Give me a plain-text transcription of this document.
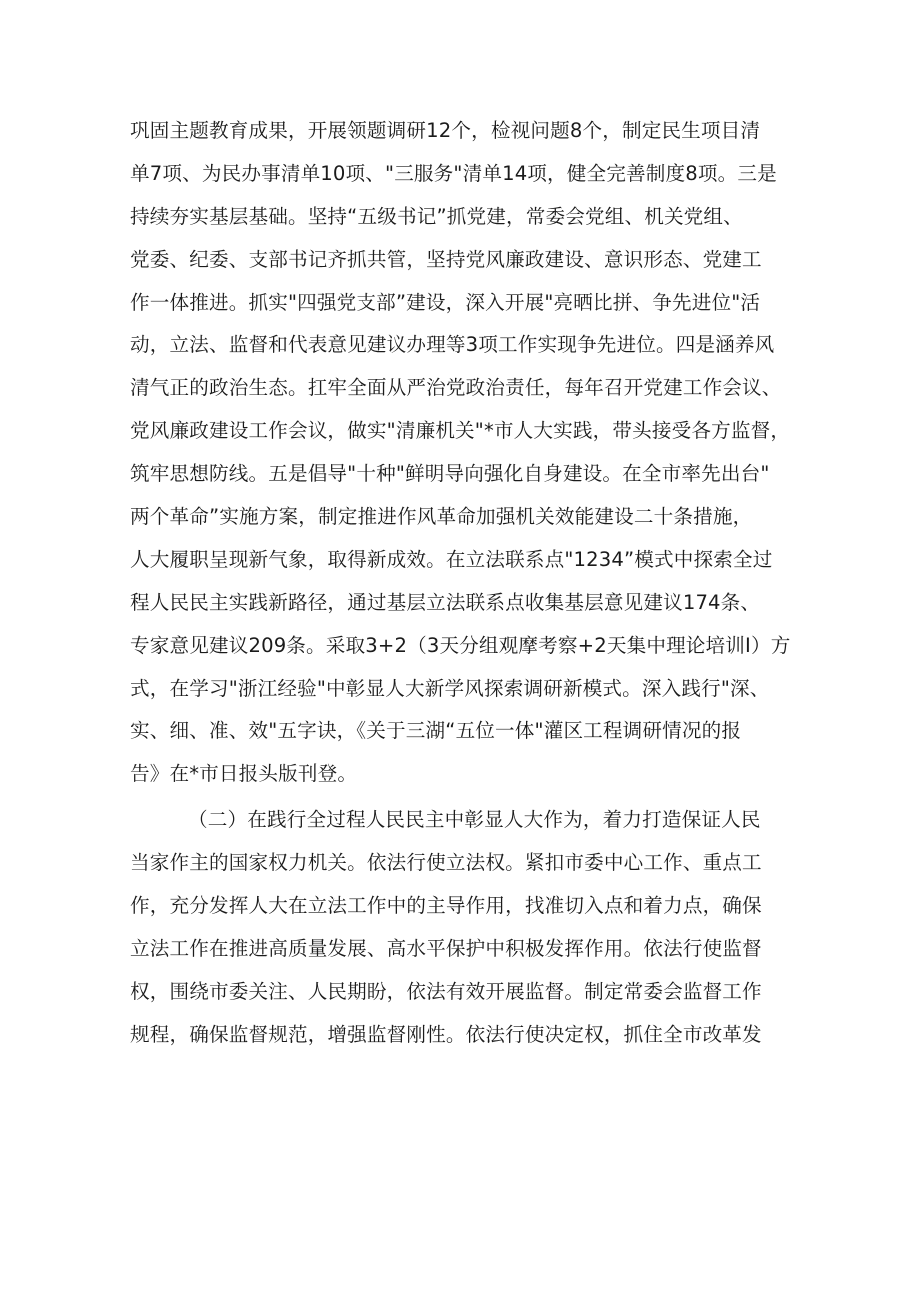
巩固主题教育成果，开展领题调研12个，检视问题8个，制定民生项目清
单7项、为民办事清单10项、"三服务"清单14项，健全完善制度8项。三是
持续夯实基层基础。坚持“五级书记”抓党建，常委会党组、机关党组、
党委、纪委、支部书记齐抓共管，坚持党风廉政建设、意识形态、党建工
作一体推进。抓实"四强党支部”建设，深入开展"亮晒比拼、争先进位"活
动，立法、监督和代表意见建议办理等3项工作实现争先进位。四是涵养风
清气正的政治生态。扛牢全面从严治党政治责任，每年召开党建工作会议、
党风廉政建设工作会议，做实"清廉机关"*市人大实践，带头接受各方监督，
筑牢思想防线。五是倡导"十种"鲜明导向强化自身建设。在全市率先出台"
两个革命”实施方案，制定推进作风革命加强机关效能建设二十条措施，
人大履职呈现新气象，取得新成效。在立法联系点"1234”模式中探索全过
程人民民主实践新路径，通过基层立法联系点收集基层意见建议174条、
专家意见建议209条。采取3+2（3天分组观摩考察+2天集中理论培训I）方
式，在学习"浙江经验"中彰显人大新学风探索调研新模式。深入践行"深、
实、细、准、效"五字诀，《关于三湖“五位一体"灌区工程调研情况的报
告》在*市日报头版刊登。
（二）在践行全过程人民民主中彰显人大作为，着力打造保证人民
当家作主的国家权力机关。依法行使立法权。紧扣市委中心工作、重点工
作，充分发挥人大在立法工作中的主导作用，找准切入点和着力点，确保
立法工作在推进高质量发展、高水平保护中积极发挥作用。依法行使监督
权，围绕市委关注、人民期盼，依法有效开展监督。制定常委会监督工作
规程，确保监督规范，增强监督刚性。依法行使决定权，抓住全市改革发
